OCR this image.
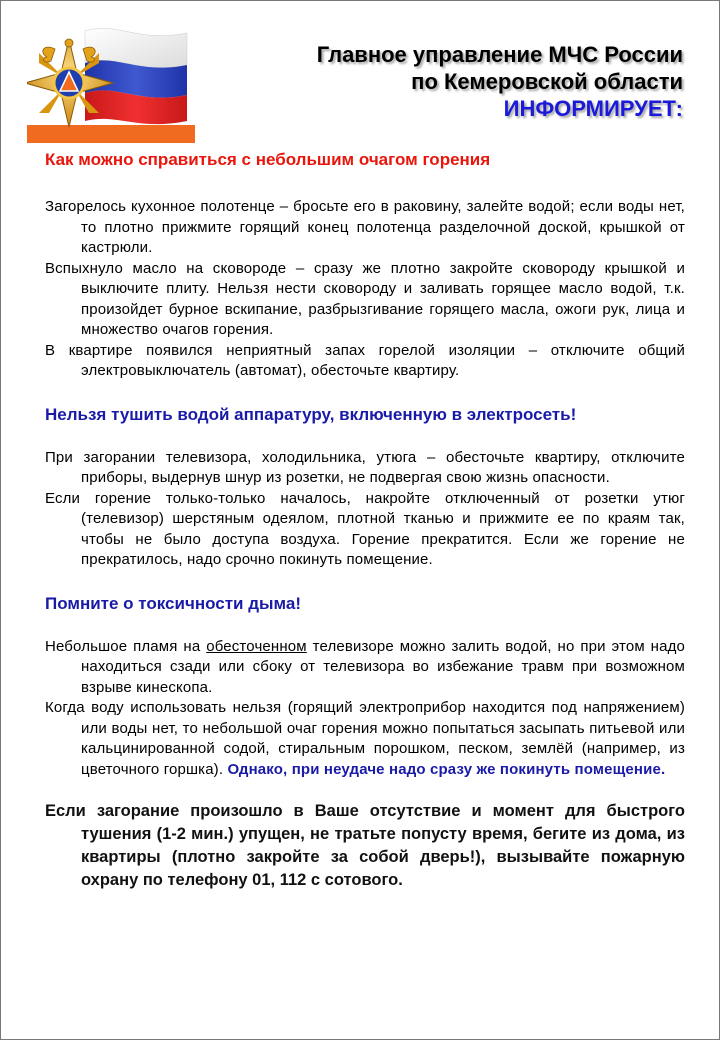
Главное управление МЧС России
по Кемеровской области
ИНФОРМИРУЕТ:

Как можно справиться с небольшим очагом горения

Загорелось кухонное полотенце – бросьте его в раковину, залейте водой; если воды нет, то плотно прижмите горящий конец полотенца разделочной доской, крышкой от кастрюли.

Вспыхнуло масло на сковороде – сразу же плотно закройте сковороду крышкой и выключите плиту. Нельзя нести сковороду и заливать горящее масло водой, т.к. произойдет бурное вскипание, разбрызгивание горящего масла, ожоги рук, лица и множество очагов горения.

В квартире появился неприятный запах горелой изоляции – отключите общий электровыключатель (автомат), обесточьте квартиру.

Нельзя тушить водой аппаратуру, включенную в электросеть!

При загорании телевизора, холодильника, утюга – обесточьте квартиру, отключите приборы, выдернув шнур из розетки, не подвергая свою жизнь опасности.

Если горение только-только началось, накройте отключенный от розетки утюг (телевизор) шерстяным одеялом, плотной тканью и прижмите ее по краям так, чтобы не было доступа воздуха. Горение прекратится. Если же горение не прекратилось, надо срочно покинуть помещение.

Помните о токсичности дыма!

Небольшое пламя на обесточенном телевизоре можно залить водой, но при этом надо находиться сзади или сбоку от телевизора во избежание травм при возможном взрыве кинескопа.

Когда воду использовать нельзя (горящий электроприбор находится под напряжением) или воды нет, то небольшой очаг горения можно попытаться засыпать питьевой или кальцинированной содой, стиральным порошком, песком, землёй (например, из цветочного горшка). Однако, при неудаче надо сразу же покинуть помещение.

Если загорание произошло в Ваше отсутствие и момент для быстрого тушения (1-2 мин.) упущен, не тратьте попусту время, бегите из дома, из квартиры (плотно закройте за собой дверь!), вызывайте пожарную охрану по телефону 01, 112 с сотового.
